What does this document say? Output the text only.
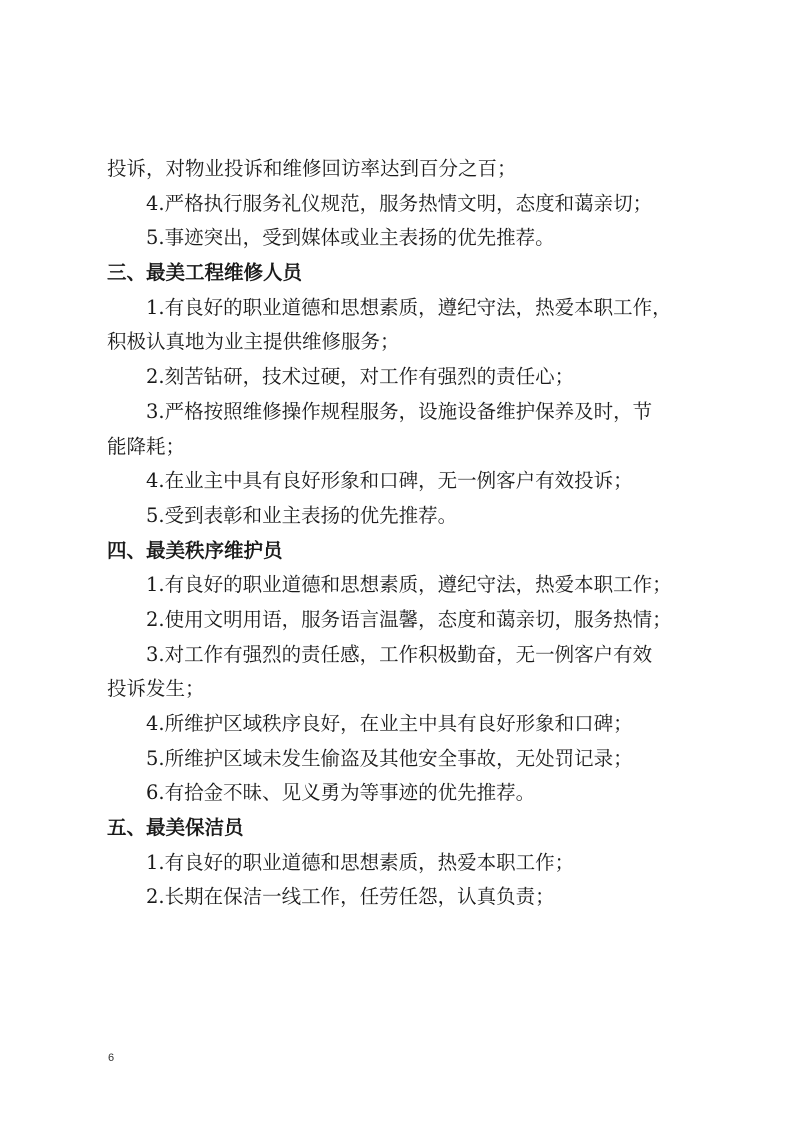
投诉，对物业投诉和维修回访率达到百分之百；
4.严格执行服务礼仪规范，服务热情文明，态度和蔼亲切；
5.事迹突出，受到媒体或业主表扬的优先推荐。
三、最美工程维修人员
1.有良好的职业道德和思想素质，遵纪守法，热爱本职工作，
积极认真地为业主提供维修服务；
2.刻苦钻研，技术过硬，对工作有强烈的责任心；
3.严格按照维修操作规程服务，设施设备维护保养及时，节
能降耗；
4.在业主中具有良好形象和口碑，无一例客户有效投诉；
5.受到表彰和业主表扬的优先推荐。
四、最美秩序维护员
1.有良好的职业道德和思想素质，遵纪守法，热爱本职工作；
2.使用文明用语，服务语言温馨，态度和蔼亲切，服务热情；
3.对工作有强烈的责任感，工作积极勤奋，无一例客户有效
投诉发生；
4.所维护区域秩序良好，在业主中具有良好形象和口碑；
5.所维护区域未发生偷盗及其他安全事故，无处罚记录；
6.有拾金不昧、见义勇为等事迹的优先推荐。
五、最美保洁员
1.有良好的职业道德和思想素质，热爱本职工作；
2.长期在保洁一线工作，任劳任怨，认真负责；
6
